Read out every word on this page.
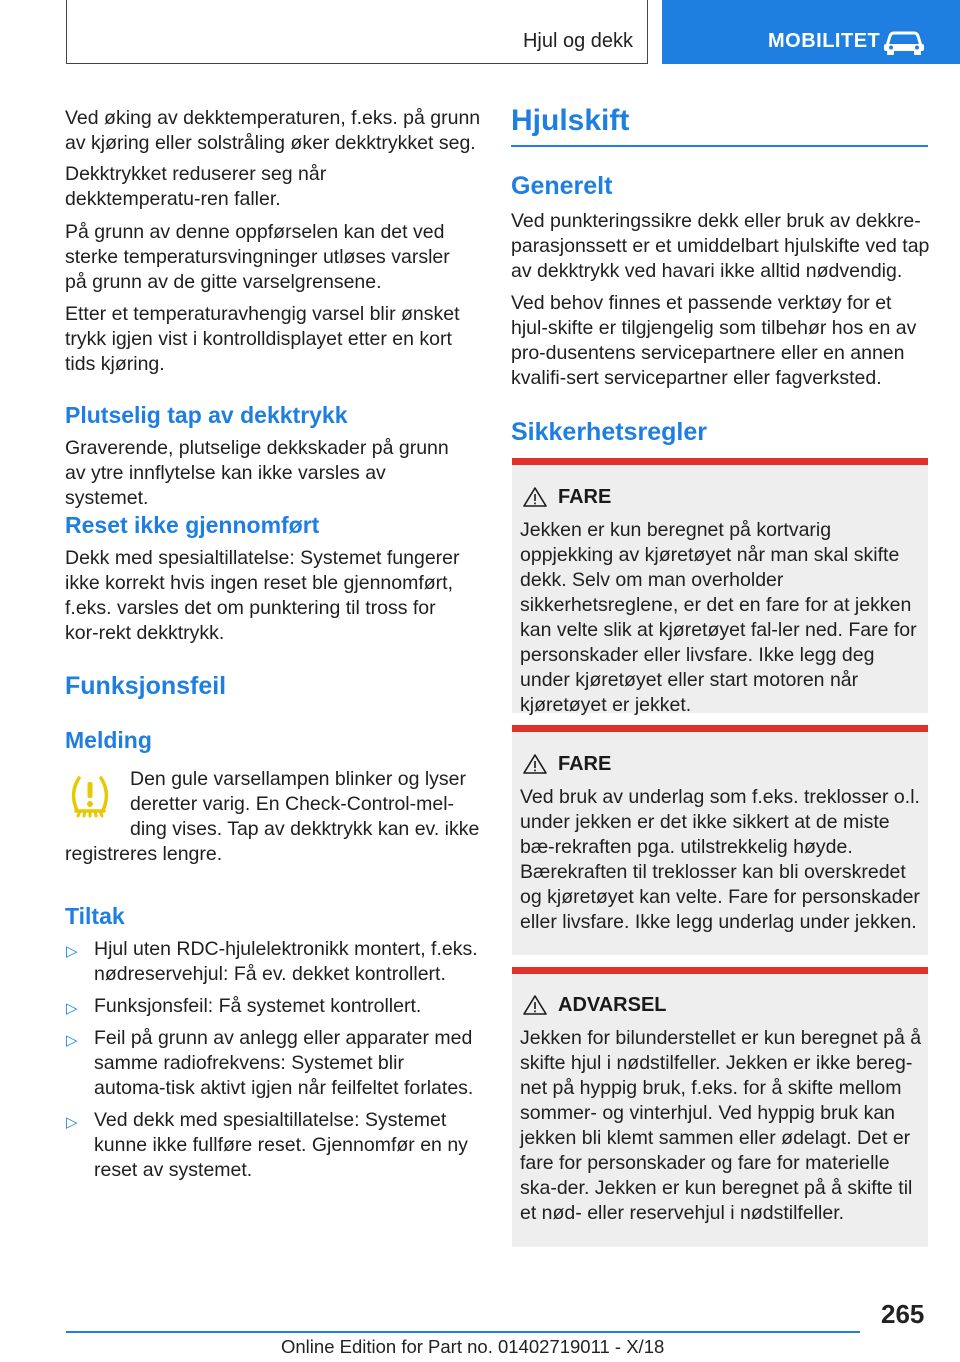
Hjul og dekk	MOBILITET

Ved øking av dekktemperaturen, f.eks. på grunn av kjøring eller solstråling øker dekktrykket seg.

Dekktrykket reduserer seg når dekktemperatu-ren faller.

På grunn av denne oppførselen kan det ved sterke temperatursvingninger utløses varsler på grunn av de gitte varselgrensene.

Etter et temperaturavhengig varsel blir ønsket trykk igjen vist i kontrolldisplayet etter en kort tids kjøring.

Plutselig tap av dekktrykk

Graverende, plutselige dekkskader på grunn av ytre innflytelse kan ikke varsles av systemet.

Reset ikke gjennomført

Dekk med spesialtillatelse: Systemet fungerer ikke korrekt hvis ingen reset ble gjennomført, f.eks. varsles det om punktering til tross for kor-rekt dekktrykk.

Funksjonsfeil
Melding

Den gule varsellampen blinker og lyser

deretter varig. En Check-Control-mel-

ding vises. Tap av dekktrykk kan ev. ikke

registreres lengre.

Tiltak
▷ Hjul uten RDC-hjulelektronikk montert, f.eks. nødreservehjul: Få ev. dekket kontrollert.

▷ Funksjonsfeil: Få systemet kontrollert.

▷ Feil på grunn av anlegg eller apparater med samme radiofrekvens: Systemet blir automa-tisk aktivt igjen når feilfeltet forlates.

▷ Ved dekk med spesialtillatelse: Systemet kunne ikke fullføre reset. Gjennomfør en ny reset av systemet.

Hjulskift
Generelt

Ved punkteringssikre dekk eller bruk av dekkre-parasjonssett er et umiddelbart hjulskifte ved tap av dekktrykk ved havari ikke alltid nødvendig.

Ved behov finnes et passende verktøy for et hjul-skifte er tilgjengelig som tilbehør hos en av pro-dusentens servicepartnere eller en annen kvalifi-sert servicepartner eller fagverksted.

Sikkerhetsregler
FARE

Jekken er kun beregnet på kortvarig oppjekking av kjøretøyet når man skal skifte dekk. Selv om man overholder sikkerhetsreglene, er det en fare for at jekken kan velte slik at kjøretøyet fal-ler ned. Fare for personskader eller livsfare. Ikke legg deg under kjøretøyet eller start motoren når kjøretøyet er jekket.

FARE

Ved bruk av underlag som f.eks. treklosser o.l. under jekken er det ikke sikkert at de miste bæ-rekraften pga. utilstrekkelig høyde. Bærekraften til treklosser kan bli overskredet og kjøretøyet kan velte. Fare for personskader eller livsfare. Ikke legg underlag under jekken.

ADVARSEL

Jekken for bilunderstellet er kun beregnet på å skifte hjul i nødstilfeller. Jekken er ikke bereg-net på hyppig bruk, f.eks. for å skifte mellom sommer- og vinterhjul. Ved hyppig bruk kan jekken bli klemt sammen eller ødelagt. Det er fare for personskader og fare for materielle ska-der. Jekken er kun beregnet på å skifte til et nød- eller reservehjul i nødstilfeller.

265
Online Edition for Part no. 01402719011 - X/18
